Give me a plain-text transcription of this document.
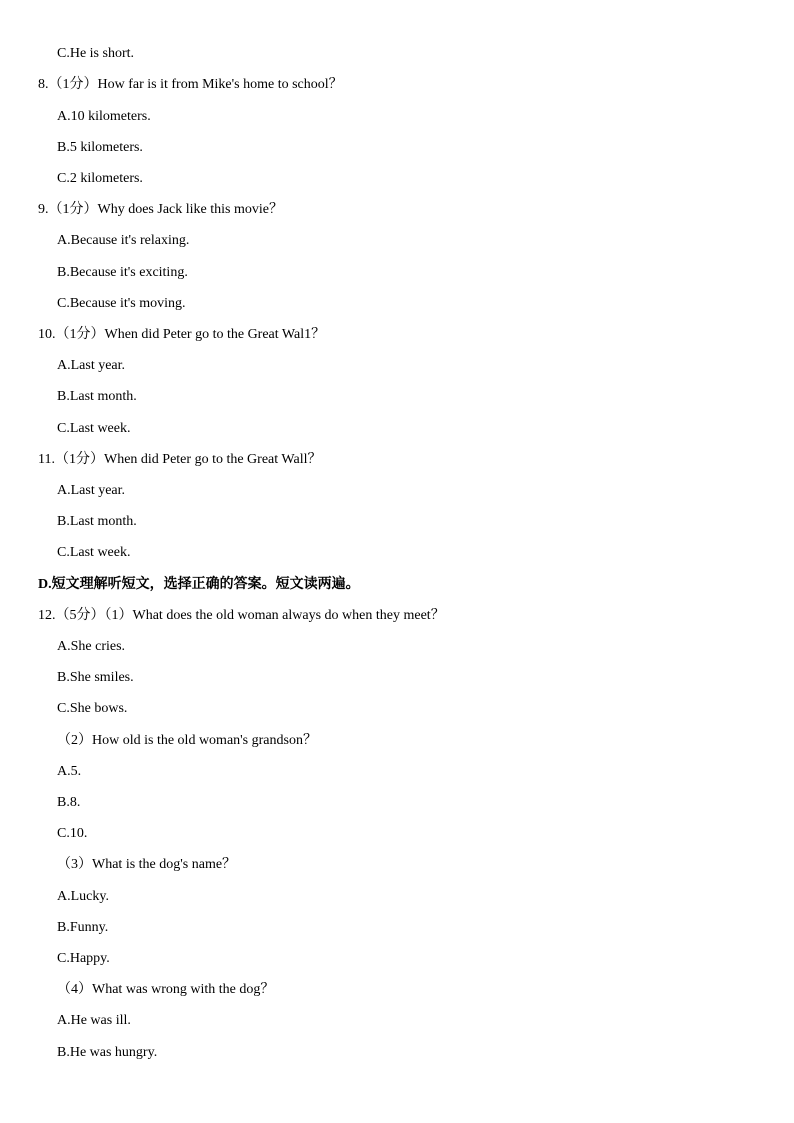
C.He is short.
8.（1分）How far is it from Mike's home to school？
A.10 kilometers.
B.5 kilometers.
C.2 kilometers.
9.（1分）Why does Jack like this movie？
A.Because it's relaxing.
B.Because it's exciting.
C.Because it's moving.
10.（1分）When did Peter go to the Great Wal1？
A.Last year.
B.Last month.
C.Last week.
11.（1分）When did Peter go to the Great Wall？
A.Last year.
B.Last month.
C.Last week.
D.短文理解听短文，选择正确的答案。短文读两遍。
12.（5分）（1）What does the old woman always do when they meet？
A.She cries.
B.She smiles.
C.She bows.
（2）How old is the old woman's grandson？
A.5.
B.8.
C.10.
（3）What is the dog's name？
A.Lucky.
B.Funny.
C.Happy.
（4）What was wrong with the dog？
A.He was ill.
B.He was hungry.
